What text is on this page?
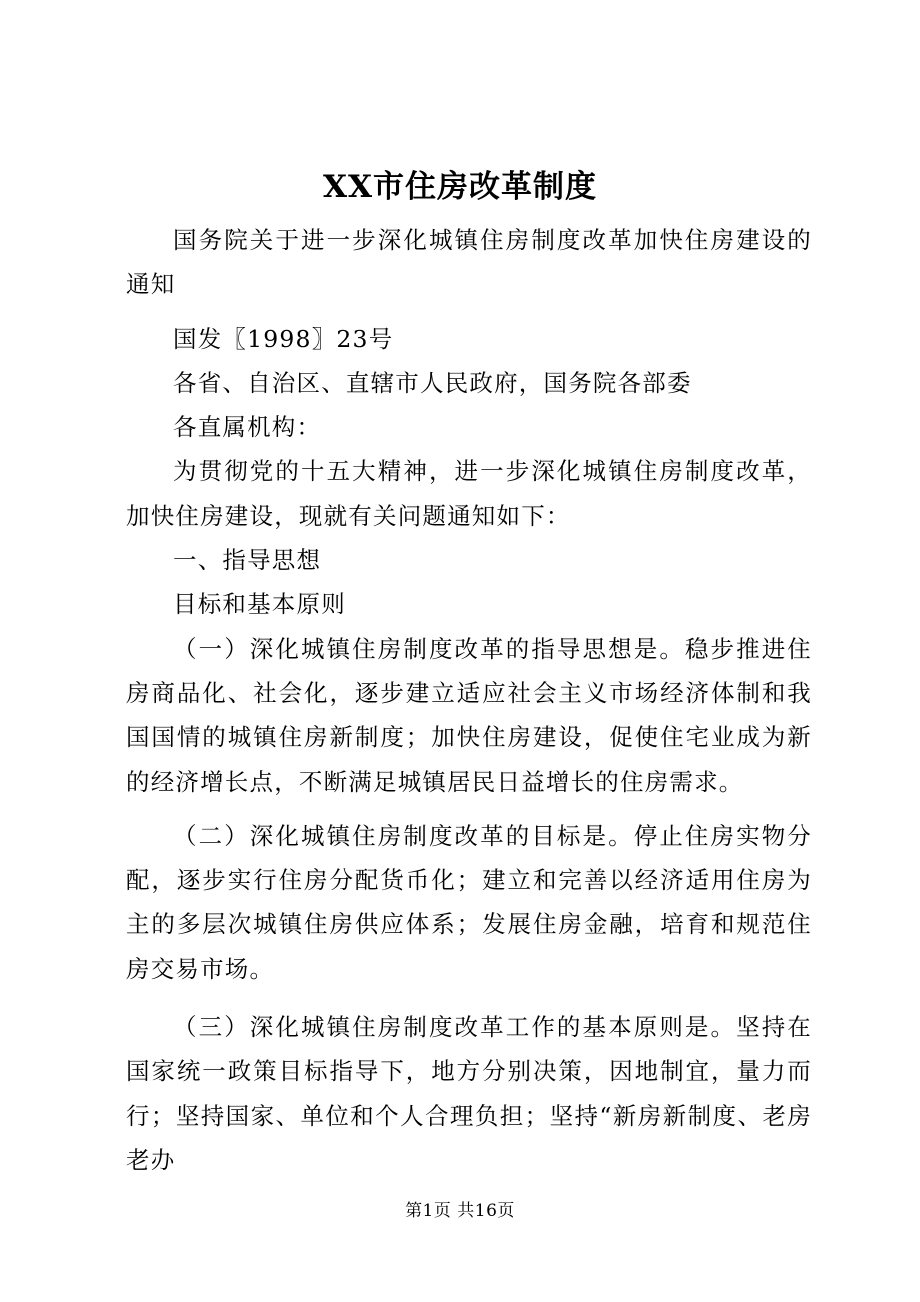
XX市住房改革制度

国务院关于进一步深化城镇住房制度改革加快住房建设的通知

国发〖1998〗23号

各省、自治区、直辖市人民政府，国务院各部委

各直属机构：

为贯彻党的十五大精神，进一步深化城镇住房制度改革，加快住房建设，现就有关问题通知如下：

一、指导思想

目标和基本原则

（一）深化城镇住房制度改革的指导思想是。稳步推进住房商品化、社会化，逐步建立适应社会主义市场经济体制和我国国情的城镇住房新制度；加快住房建设，促使住宅业成为新的经济增长点，不断满足城镇居民日益增长的住房需求。

（二）深化城镇住房制度改革的目标是。停止住房实物分配，逐步实行住房分配货币化；建立和完善以经济适用住房为主的多层次城镇住房供应体系；发展住房金融，培育和规范住房交易市场。

（三）深化城镇住房制度改革工作的基本原则是。坚持在国家统一政策目标指导下，地方分别决策，因地制宜，量力而行；坚持国家、单位和个人合理负担；坚持“新房新制度、老房老办

第1页 共16页
